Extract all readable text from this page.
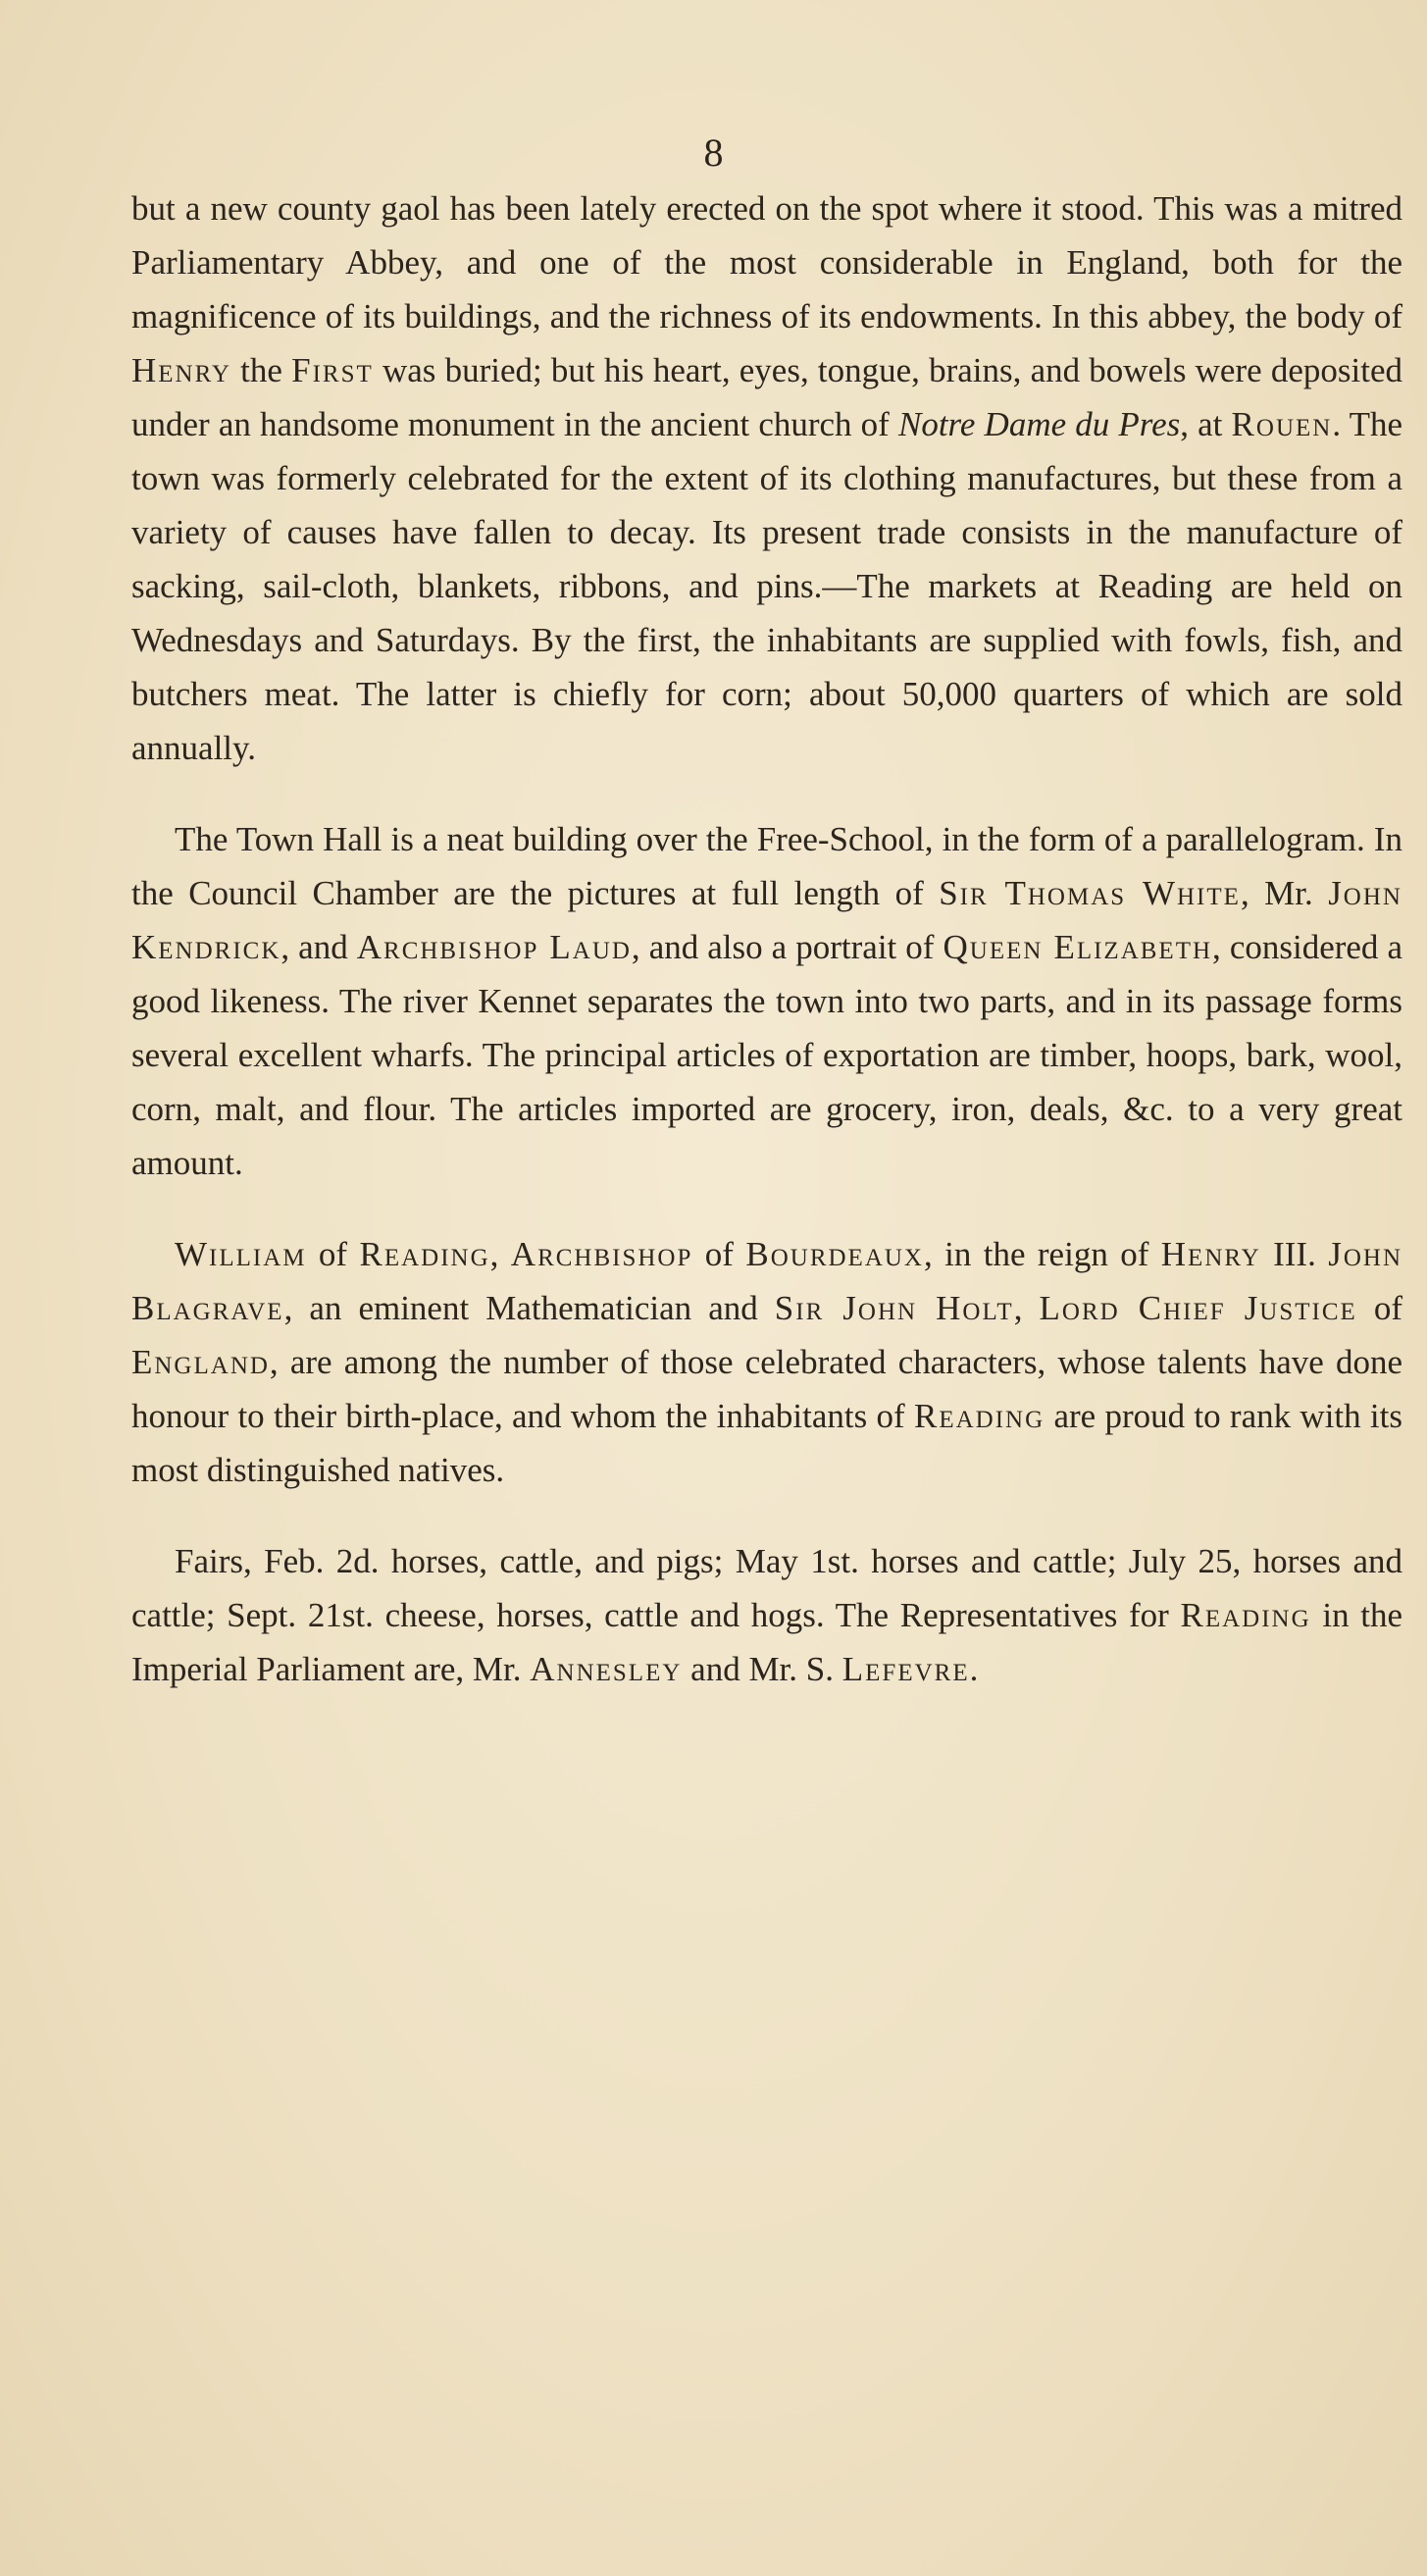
8

but a new county gaol has been lately erected on the spot where it stood. This was a mitred Parliamentary Abbey, and one of the most considerable in England, both for the magnificence of its buildings, and the richness of its endowments. In this abbey, the body of Henry the First was buried; but his heart, eyes, tongue, brains, and bowels were deposited under an handsome monument in the ancient church of Notre Dame du Pres, at Rouen. The town was formerly celebrated for the extent of its clothing manufactures, but these from a variety of causes have fallen to decay. Its present trade consists in the manufacture of sacking, sail-cloth, blankets, ribbons, and pins.—The markets at Reading are held on Wednesdays and Saturdays. By the first, the inhabitants are supplied with fowls, fish, and butchers meat. The latter is chiefly for corn; about 50,000 quarters of which are sold annually.

The Town Hall is a neat building over the Free-School, in the form of a parallelogram. In the Council Chamber are the pictures at full length of Sir Thomas White, Mr. John Kendrick, and Archbishop Laud, and also a portrait of Queen Elizabeth, considered a good likeness. The river Kennet separates the town into two parts, and in its passage forms several excellent wharfs. The principal articles of exportation are timber, hoops, bark, wool, corn, malt, and flour. The articles imported are grocery, iron, deals, &c. to a very great amount.

William of Reading, Archbishop of Bourdeaux, in the reign of Henry III. John Blagrave, an eminent Mathematician and Sir John Holt, Lord Chief Justice of England, are among the number of those celebrated characters, whose talents have done honour to their birth-place, and whom the inhabitants of Reading are proud to rank with its most distinguished natives.

Fairs, Feb. 2d. horses, cattle, and pigs; May 1st. horses and cattle; July 25, horses and cattle; Sept. 21st. cheese, horses, cattle and hogs. The Representatives for Reading in the Imperial Parliament are, Mr. Annesley and Mr. S. Lefevre.
